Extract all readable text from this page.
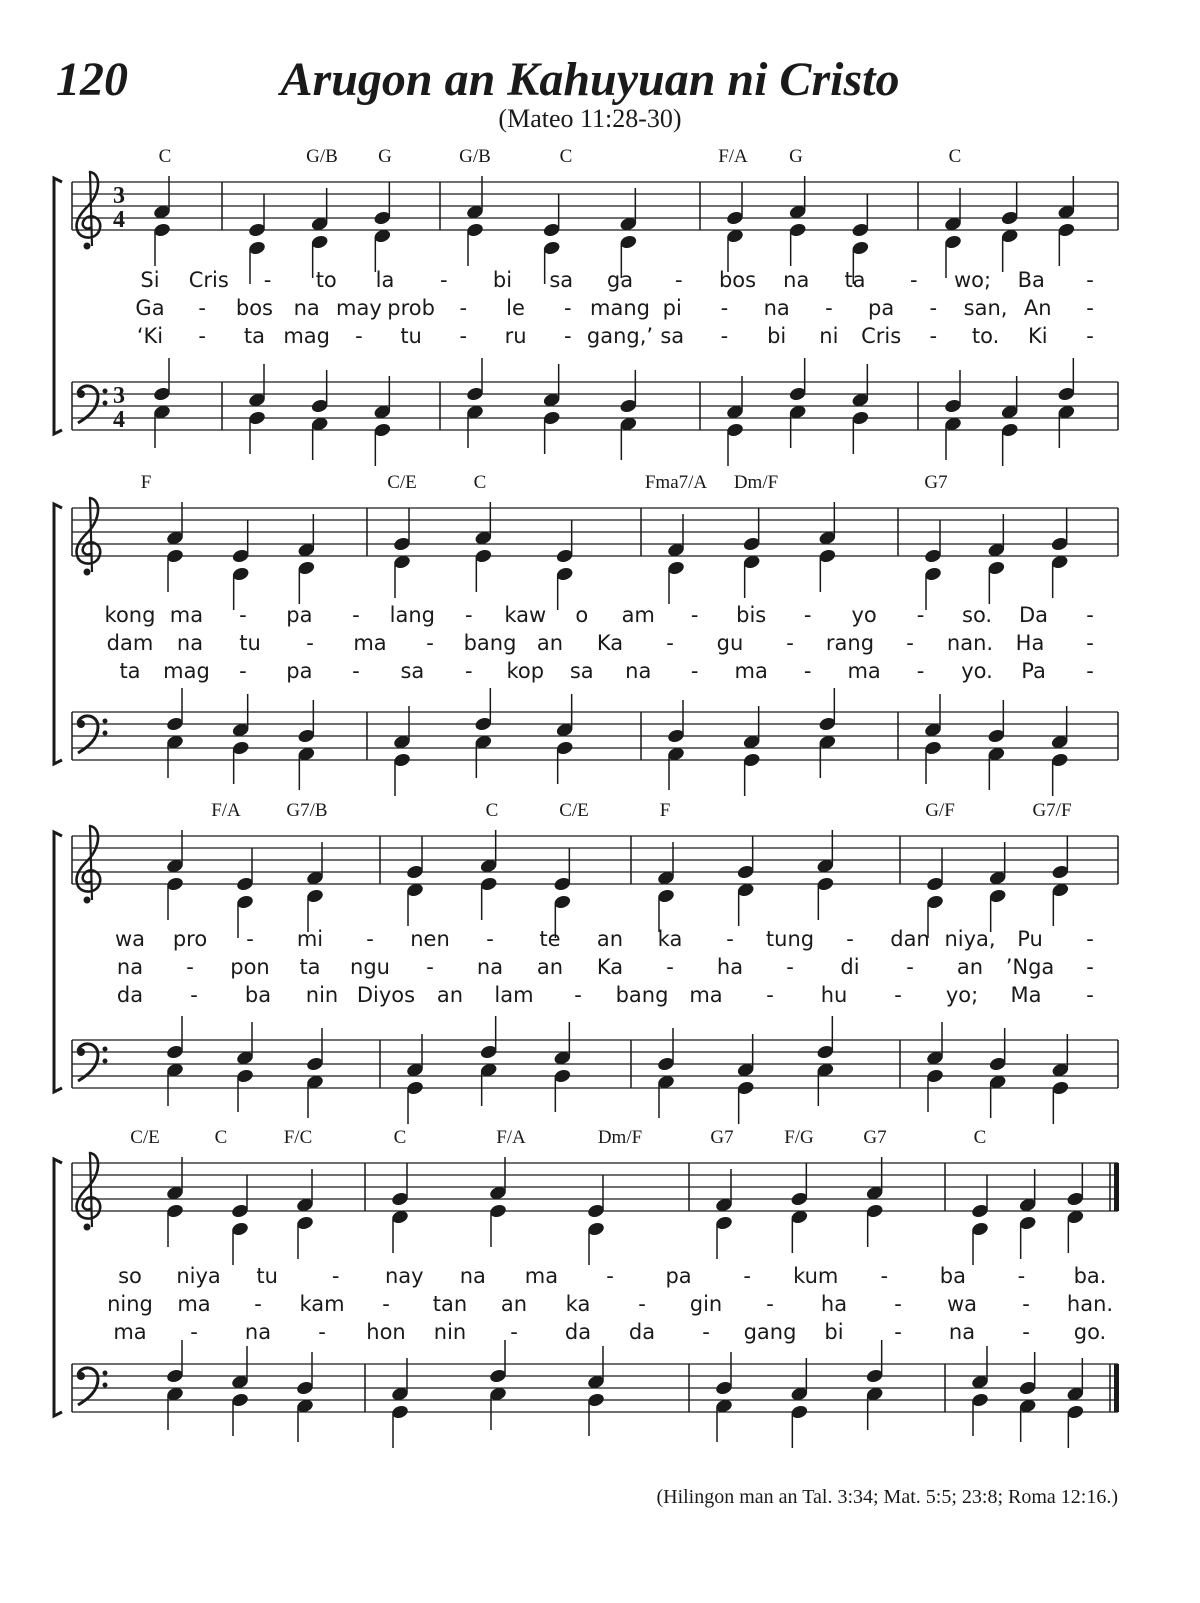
120	Arugon an Kahuyuan ni Cristo
(Mateo 11:28-30)
3
4
3
4
C	G/B G	G/B	C	F/A G	C
Si Cris - to la - bi sa ga - bos na ta - wo; Ba -
Ga - bos na may prob - le - mang pi - na - pa - san, An -
‘Ki - ta mag - tu - ru - gang,’ sa - bi ni Cris - to. Ki -
F	C/E	C	Fma7/A Dm/F	G7
kong ma - pa - lang - kaw o am - bis - yo - so. Da -
dam na tu - ma - bang an Ka - gu - rang - nan. Ha -
ta mag - pa - sa - kop sa na - ma - ma - yo. Pa -
F/A G7/B	C	C/E	F	G/F	G7/F
wa pro - mi - nen - te an ka - tung - dan niya, Pu -
na - pon ta ngu - na an Ka - ha - di - an ’Nga -
da - ba nin Diyos an lam - bang ma - hu - yo; Ma -
C/E	C	F/C	C	F/A	Dm/F	G7	F/G	G7	C
so niya tu	- nay na ma - pa - kum - ba - ba.
ning ma - kam - tan an ka - gin - ha - wa - han.
ma - na - hon nin - da da - gang bi - na - go.
(Hilingon man an Tal. 3:34; Mat. 5:5; 23:8; Roma 12:16.)
